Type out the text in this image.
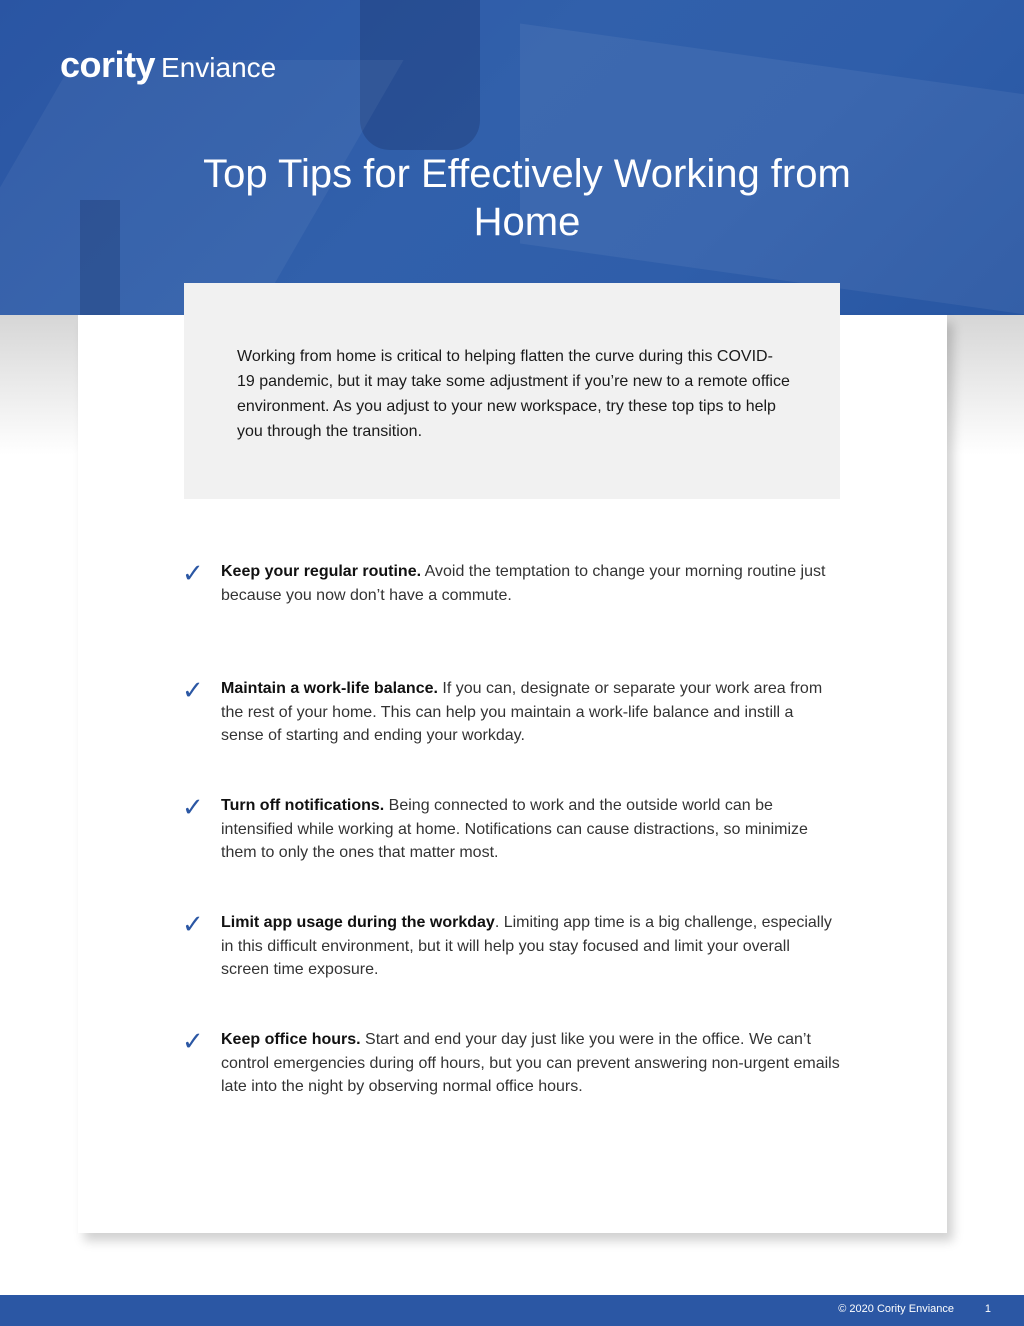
cority Enviance
Top Tips for Effectively Working from Home

Working from home is critical to helping flatten the curve during this COVID-19 pandemic, but it may take some adjustment if you’re new to a remote office environment. As you adjust to your new workspace, try these top tips to help you through the transition.

✓ Keep your regular routine. Avoid the temptation to change your morning routine just because you now don’t have a commute.
✓ Maintain a work-life balance. If you can, designate or separate your work area from the rest of your home. This can help you maintain a work-life balance and instill a sense of starting and ending your workday.
✓ Turn off notifications. Being connected to work and the outside world can be intensified while working at home. Notifications can cause distractions, so minimize them to only the ones that matter most.
✓ Limit app usage during the workday. Limiting app time is a big challenge, especially in this difficult environment, but it will help you stay focused and limit your overall screen time exposure.
✓ Keep office hours. Start and end your day just like you were in the office. We can’t control emergencies during off hours, but you can prevent answering non-urgent emails late into the night by observing normal office hours.
© 2020 Cority Enviance	1
